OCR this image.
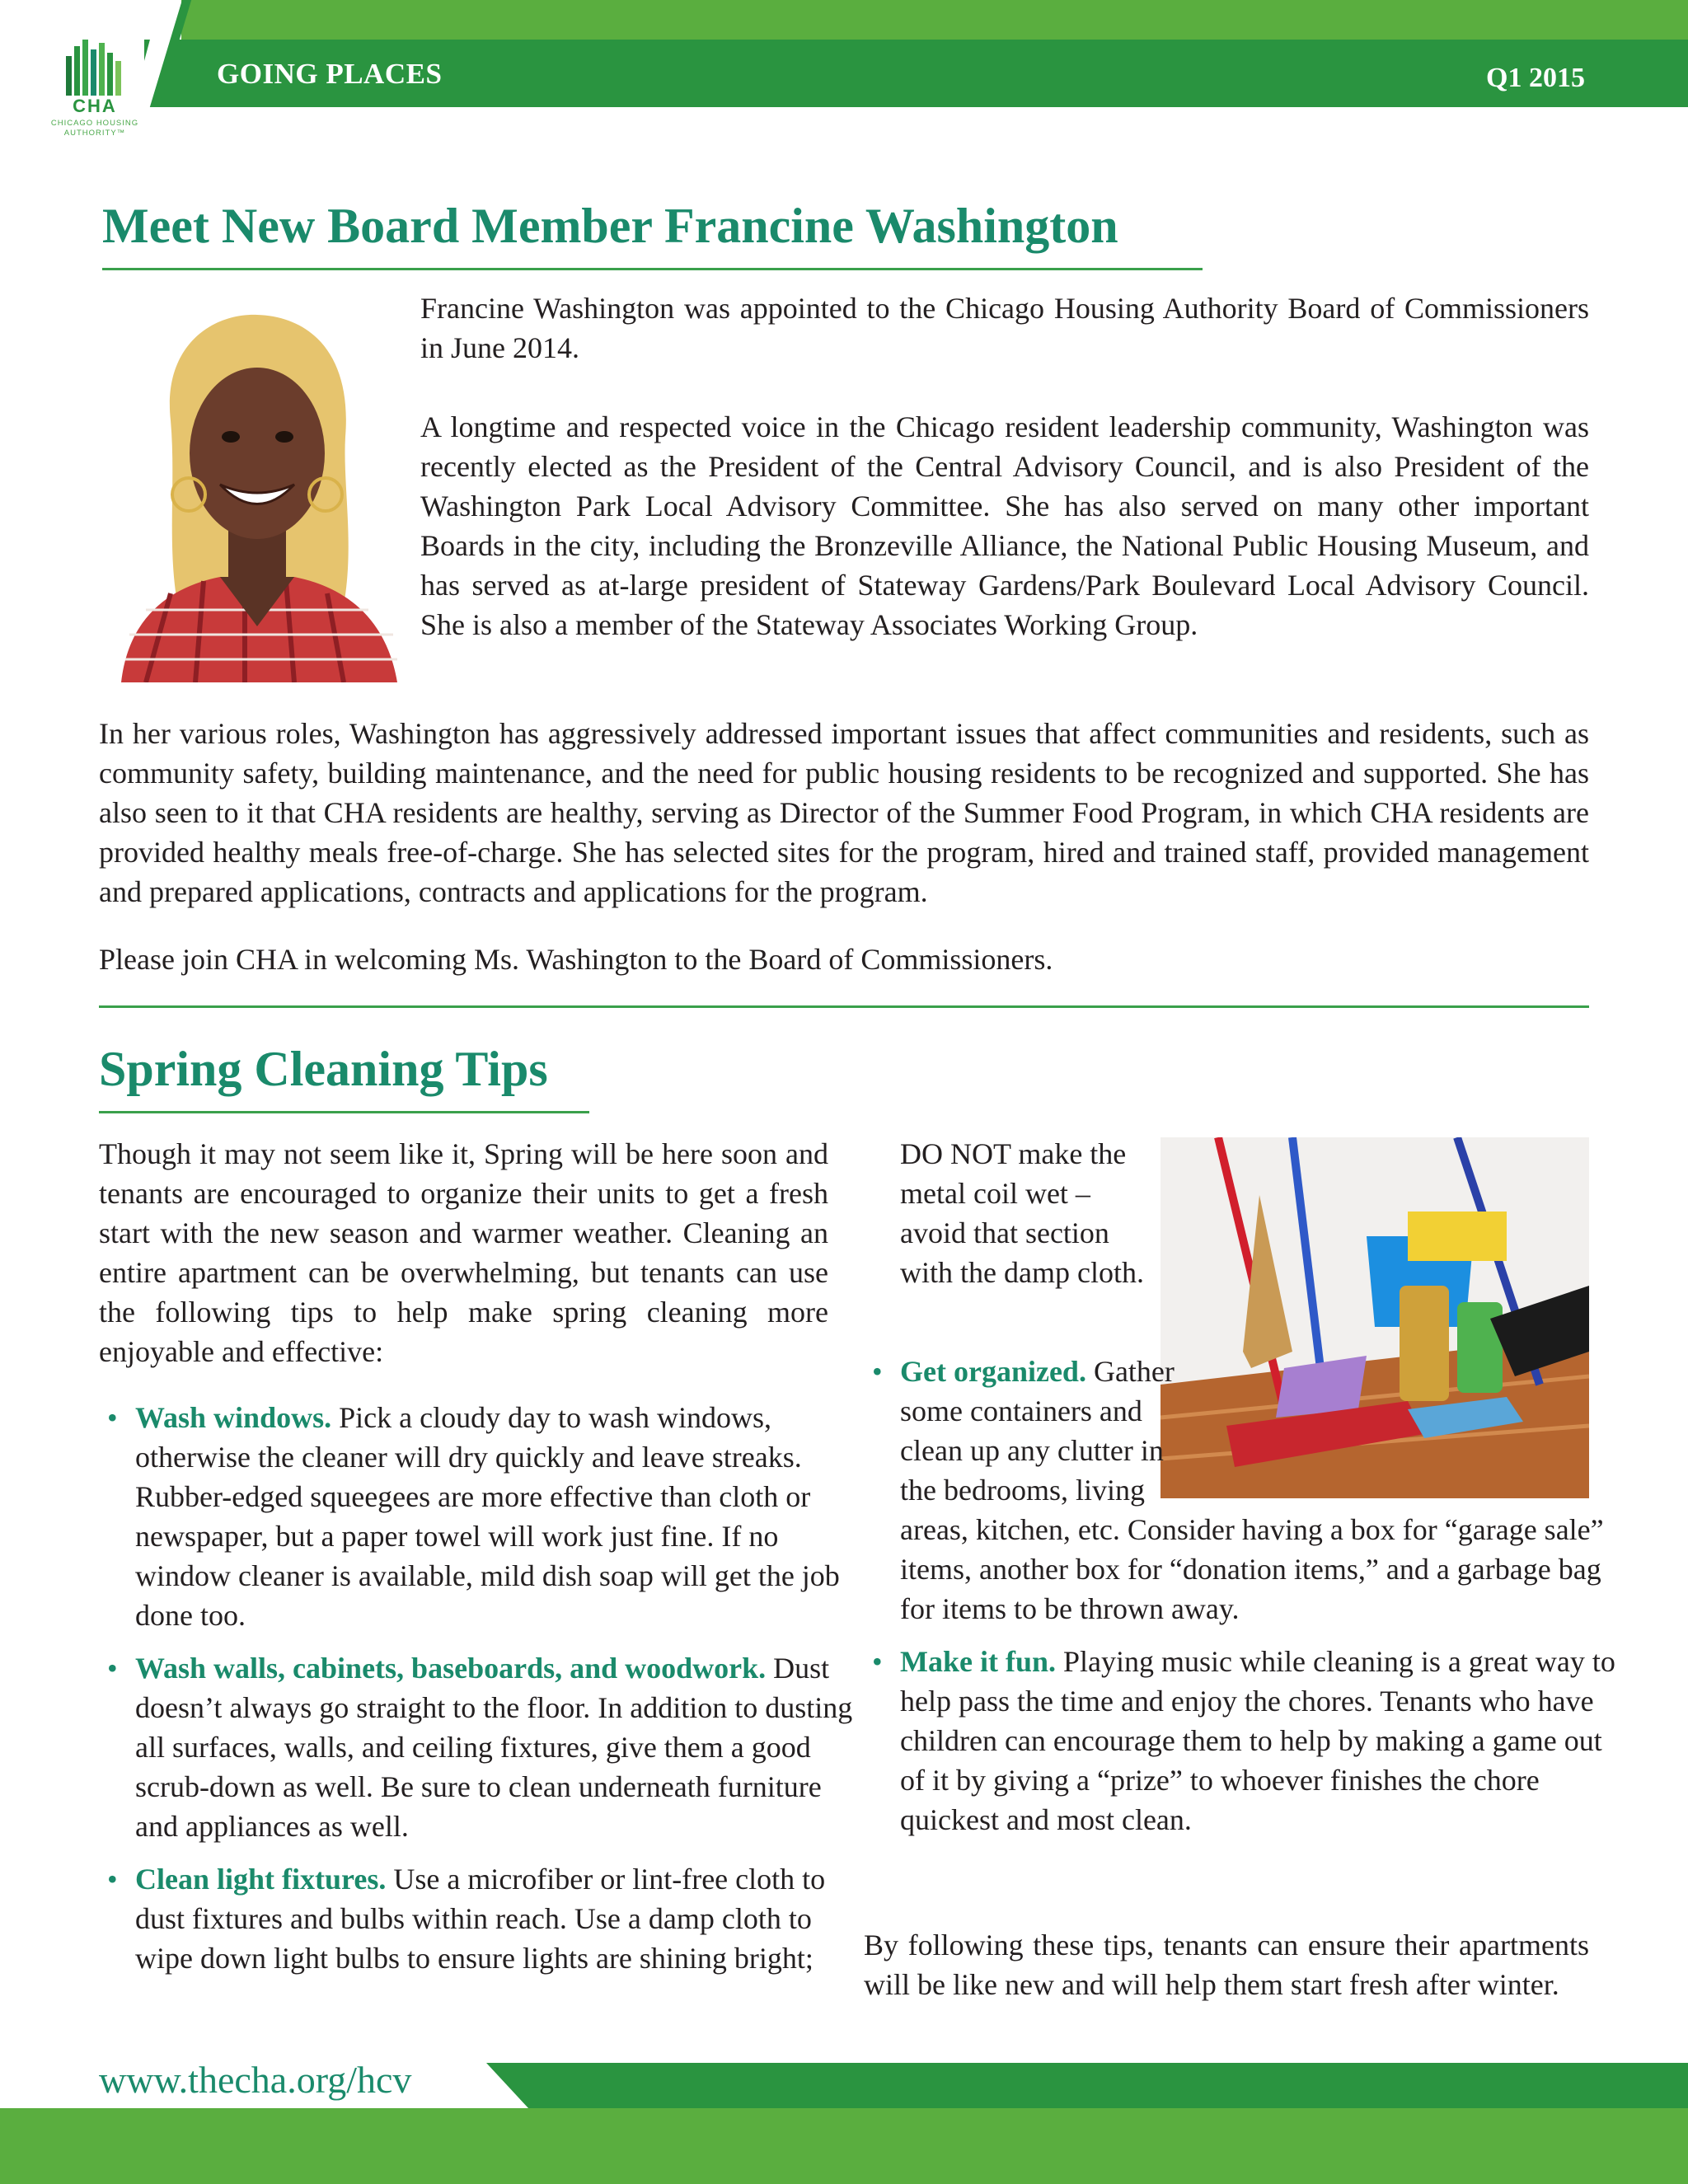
GOING PLACES	Q1 2015
CHA
CHICAGO HOUSING
AUTHORITY™
Meet New Board Member Francine Washington

Francine Washington was appointed to the Chicago Housing Authority Board of Commissioners in June 2014.

A longtime and respected voice in the Chicago resident leadership community, Washington was recently elected as the President of the Central Advisory Council, and is also President of the Washington Park Local Advisory Committee. She has also served on many other important Boards in the city, including the Bronzeville Alliance, the National Public Housing Museum, and has served as at-large president of Stateway Gardens/Park Boulevard Local Advisory Council. She is also a member of the Stateway Associates Working Group.

In her various roles, Washington has aggressively addressed important issues that affect communities and residents, such as community safety, building maintenance, and the need for public housing residents to be recognized and supported. She has also seen to it that CHA residents are healthy, serving as Director of the Summer Food Program, in which CHA residents are provided healthy meals free-of-charge. She has selected sites for the program, hired and trained staff, provided management and prepared applications, contracts and applications for the program.

Please join CHA in welcoming Ms. Washington to the Board of Commissioners.

Spring Cleaning Tips

Though it may not seem like it, Spring will be here soon and tenants are encouraged to organize their units to get a fresh start with the new season and warmer weather. Cleaning an entire apartment can be overwhelming, but tenants can use the following tips to help make spring cleaning more enjoyable and effective:

• Wash windows. Pick a cloudy day to wash windows, otherwise the cleaner will dry quickly and leave streaks. Rubber-edged squeegees are more effective than cloth or newspaper, but a paper towel will work just fine. If no window cleaner is available, mild dish soap will get the job done too.
• Wash walls, cabinets, baseboards, and woodwork. Dust doesn’t always go straight to the floor. In addition to dusting all surfaces, walls, and ceiling fixtures, give them a good scrub-down as well. Be sure to clean underneath furniture and appliances as well.
• Clean light fixtures. Use a microfiber or lint-free cloth to dust fixtures and bulbs within reach. Use a damp cloth to wipe down light bulbs to ensure lights are shining bright;

DO NOT make the metal coil wet – avoid that section with the damp cloth.

• Get organized. Gather some containers and clean up any clutter in the bedrooms, living areas, kitchen, etc. Consider having a box for “garage sale” items, another box for “donation items,” and a garbage bag for items to be thrown away.
• Make it fun. Playing music while cleaning is a great way to help pass the time and enjoy the chores. Tenants who have children can encourage them to help by making a game out of it by giving a “prize” to whoever finishes the chore quickest and most clean.

By following these tips, tenants can ensure their apartments will be like new and will help them start fresh after winter.

www.thecha.org/hcv
